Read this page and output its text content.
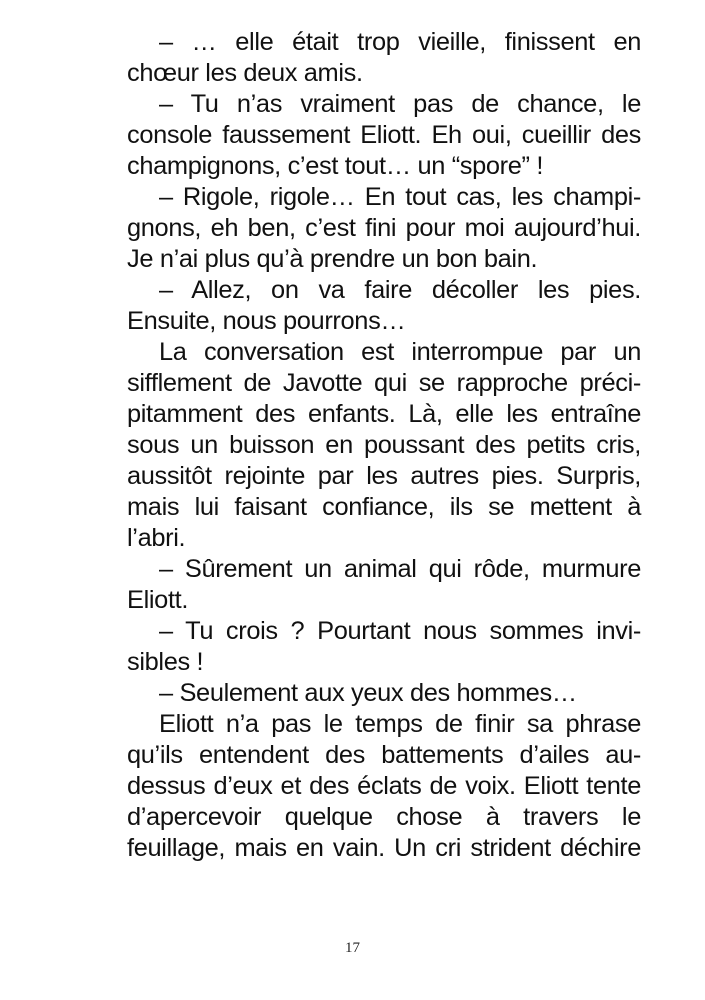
– … elle était trop vieille, finissent en
chœur les deux amis.
– Tu n’as vraiment pas de chance, le
console faussement Eliott. Eh oui, cueillir des
champignons, c’est tout… un “spore” !
– Rigole, rigole… En tout cas, les champi-
gnons, eh ben, c’est fini pour moi aujourd’hui.
Je n’ai plus qu’à prendre un bon bain.
– Allez, on va faire décoller les pies.
Ensuite, nous pourrons…
La conversation est interrompue par un
sifflement de Javotte qui se rapproche préci-
pitamment des enfants. Là, elle les entraîne
sous un buisson en poussant des petits cris,
aussitôt rejointe par les autres pies. Surpris,
mais lui faisant confiance, ils se mettent à
l’abri.
– Sûrement un animal qui rôde, murmure
Eliott.
– Tu crois ? Pourtant nous sommes invi-
sibles !
– Seulement aux yeux des hommes…
Eliott n’a pas le temps de finir sa phrase
qu’ils entendent des battements d’ailes au-
dessus d’eux et des éclats de voix. Eliott tente
d’apercevoir quelque chose à travers le
feuillage, mais en vain. Un cri strident déchire
17
